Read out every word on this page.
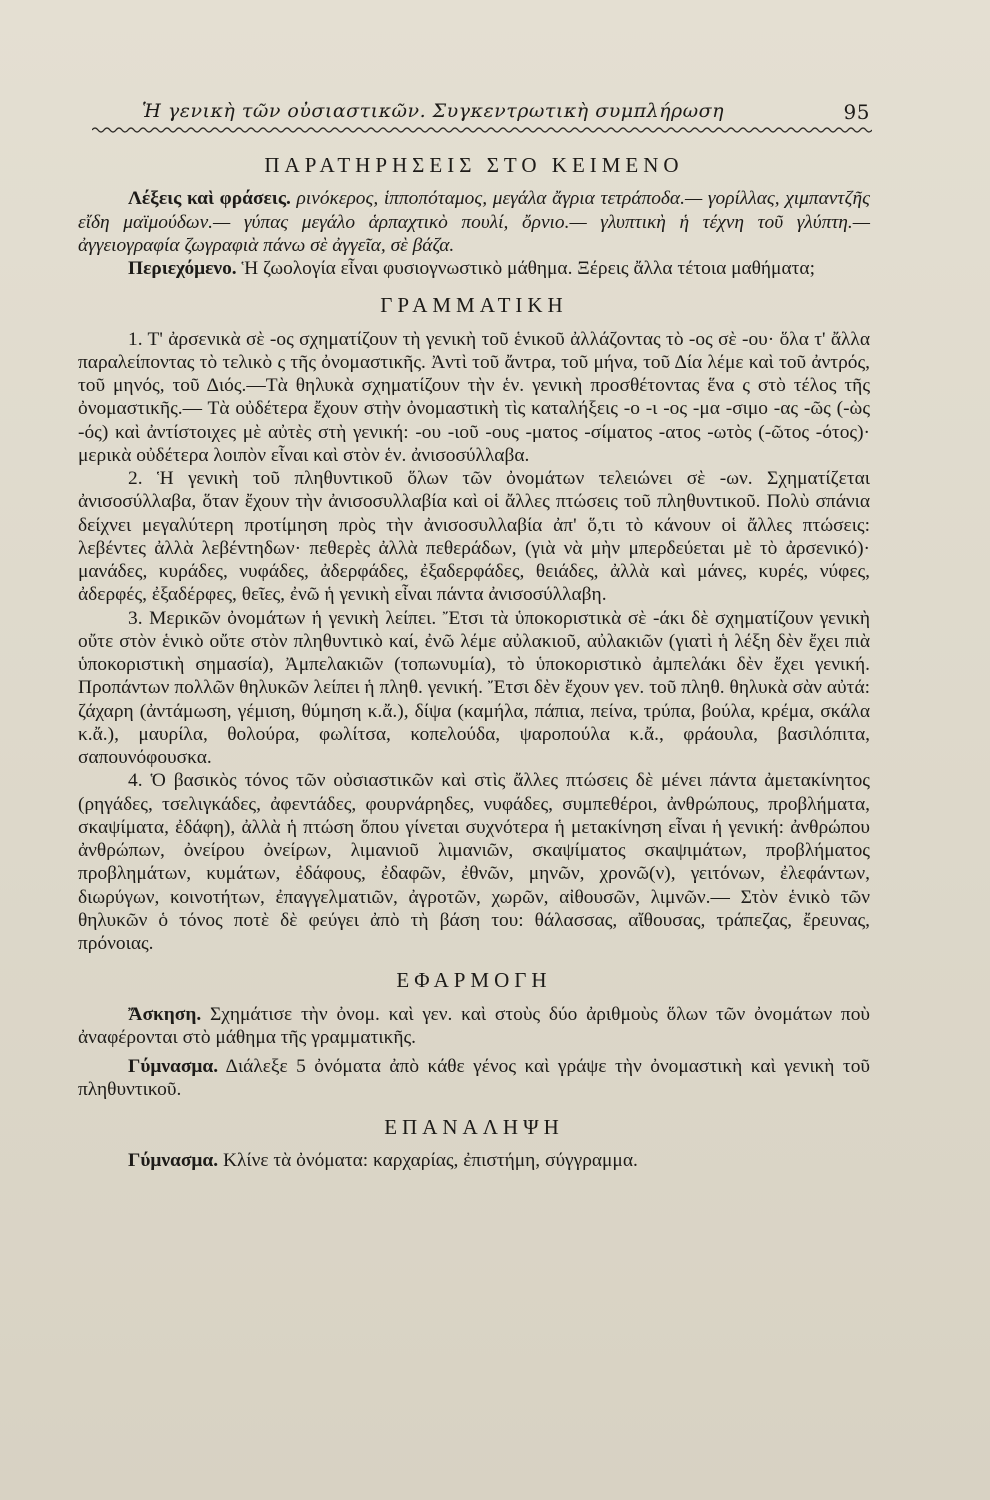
Ἡ γενικὴ τῶν οὐσιαστικῶν. Συγκεντρωτικὴ συμπλήρωση	95
ΠΑΡΑΤΗΡΗΣΕΙΣ ΣΤΟ ΚΕΙΜΕΝΟ

Λέξεις καὶ φράσεις. ρινόκερος, ἱπποπόταμος, μεγάλα ἄγρια τετράποδα.— γορίλλας, χιμπαντζῆς εἴδη μαϊμούδων.— γύπας μεγάλο ἁρπαχτικὸ πουλί, ὄρνιο.— γλυπτικὴ ἡ τέχνη τοῦ γλύπτη.—ἀγγειογραφία ζωγραφιὰ πάνω σὲ ἀγγεῖα, σὲ βάζα.

Περιεχόμενο. Ἡ ζωολογία εἶναι φυσιογνωστικὸ μάθημα. Ξέρεις ἄλλα τέτοια μαθήματα;

ΓΡΑΜΜΑΤΙΚΗ

1. Τ' ἀρσενικὰ σὲ -ος σχηματίζουν τὴ γενικὴ τοῦ ἑνικοῦ ἀλλάζοντας τὸ -ος σὲ -ου· ὅλα τ' ἄλλα παραλείποντας τὸ τελικὸ ς τῆς ὀνομαστικῆς. Ἀντὶ τοῦ ἄντρα, τοῦ μήνα, τοῦ Δία λέμε καὶ τοῦ ἀντρός, τοῦ μηνός, τοῦ Διός.—Τὰ θηλυκὰ σχηματίζουν τὴν ἑν. γενικὴ προσθέτοντας ἕνα ς στὸ τέλος τῆς ὀνομαστικῆς.— Τὰ οὐδέτερα ἔχουν στὴν ὀνομαστικὴ τὶς καταλήξεις -ο -ι -ος -μα -σιμο -ας -ῶς (-ὼς -ός) καὶ ἀντίστοιχες μὲ αὐτὲς στὴ γενική: -ου -ιοῦ -ους -ματος -σίματος -ατος -ωτὸς (-ῶτος -ότος)· μερικὰ οὐδέτερα λοιπὸν εἶναι καὶ στὸν ἑν. ἀνισοσύλλαβα.

2. Ἡ γενικὴ τοῦ πληθυντικοῦ ὅλων τῶν ὀνομάτων τελειώνει σὲ -ων. Σχηματίζεται ἀνισοσύλλαβα, ὅταν ἔχουν τὴν ἀνισοσυλλαβία καὶ οἱ ἄλλες πτώσεις τοῦ πληθυντικοῦ. Πολὺ σπάνια δείχνει μεγαλύτερη προτίμηση πρὸς τὴν ἀνισοσυλλαβία ἀπ' ὅ,τι τὸ κάνουν οἱ ἄλλες πτώσεις: λεβέντες ἀλλὰ λεβέντηδων· πεθερὲς ἀλλὰ πεθεράδων, (γιὰ νὰ μὴν μπερδεύεται μὲ τὸ ἀρσενικό)· μανάδες, κυράδες, νυφάδες, ἀδερφάδες, ἐξαδερφάδες, θειάδες, ἀλλὰ καὶ μάνες, κυρές, νύφες, ἀδερφές, ἐξαδέρφες, θεῖες, ἐνῶ ἡ γενικὴ εἶναι πάντα ἀνισοσύλλαβη.

3. Μερικῶν ὀνομάτων ἡ γενικὴ λείπει. Ἔτσι τὰ ὑποκοριστικὰ σὲ -άκι δὲ σχηματίζουν γενικὴ οὔτε στὸν ἑνικὸ οὔτε στὸν πληθυντικὸ καί, ἐνῶ λέμε αὐλακιοῦ, αὐλακιῶν (γιατὶ ἡ λέξη δὲν ἔχει πιὰ ὑποκοριστικὴ σημασία), Ἀμπελακιῶν (τοπωνυμία), τὸ ὑποκοριστικὸ ἀμπελάκι δὲν ἔχει γενική. Προπάντων πολλῶν θηλυκῶν λείπει ἡ πληθ. γενική. Ἔτσι δὲν ἔχουν γεν. τοῦ πληθ. θηλυκὰ σὰν αὐτά: ζάχαρη (ἀντάμωση, γέμιση, θύμηση κ.ἄ.), δίψα (καμήλα, πάπια, πείνα, τρύπα, βούλα, κρέμα, σκάλα κ.ἄ.), μαυρίλα, θολούρα, φωλίτσα, κοπελούδα, ψαροπούλα κ.ἄ., φράουλα, βασιλόπιτα, σαπουνόφουσκα.

4. Ὁ βασικὸς τόνος τῶν οὐσιαστικῶν καὶ στὶς ἄλλες πτώσεις δὲ μένει πάντα ἀμετακίνητος (ρηγάδες, τσελιγκάδες, ἀφεντάδες, φουρνάρηδες, νυφάδες, συμπεθέροι, ἀνθρώπους, προβλήματα, σκαψίματα, ἐδάφη), ἀλλὰ ἡ πτώση ὅπου γίνεται συχνότερα ἡ μετακίνηση εἶναι ἡ γενική: ἀνθρώπου ἀνθρώπων, ὀνείρου ὀνείρων, λιμανιοῦ λιμανιῶν, σκαψίματος σκαψιμάτων, προβλήματος προβλημάτων, κυμάτων, ἐδάφους, ἐδαφῶν, ἐθνῶν, μηνῶν, χρονῶ(ν), γειτόνων, ἐλεφάντων, διωρύγων, κοινοτήτων, ἐπαγγελματιῶν, ἀγροτῶν, χωρῶν, αἰθουσῶν, λιμνῶν.— Στὸν ἑνικὸ τῶν θηλυκῶν ὁ τόνος ποτὲ δὲ φεύγει ἀπὸ τὴ βάση του: θάλασσας, αἴθουσας, τράπεζας, ἔρευνας, πρόνοιας.

ΕΦΑΡΜΟΓΗ

Ἄσκηση. Σχημάτισε τὴν ὀνομ. καὶ γεν. καὶ στοὺς δύο ἀριθμοὺς ὅλων τῶν ὀνομάτων ποὺ ἀναφέρονται στὸ μάθημα τῆς γραμματικῆς.

Γύμνασμα. Διάλεξε 5 ὀνόματα ἀπὸ κάθε γένος καὶ γράψε τὴν ὀνομαστικὴ καὶ γενικὴ τοῦ πληθυντικοῦ.

ΕΠΑΝΑΛΗΨΗ

Γύμνασμα. Κλίνε τὰ ὀνόματα: καρχαρίας, ἐπιστήμη, σύγγραμμα.
